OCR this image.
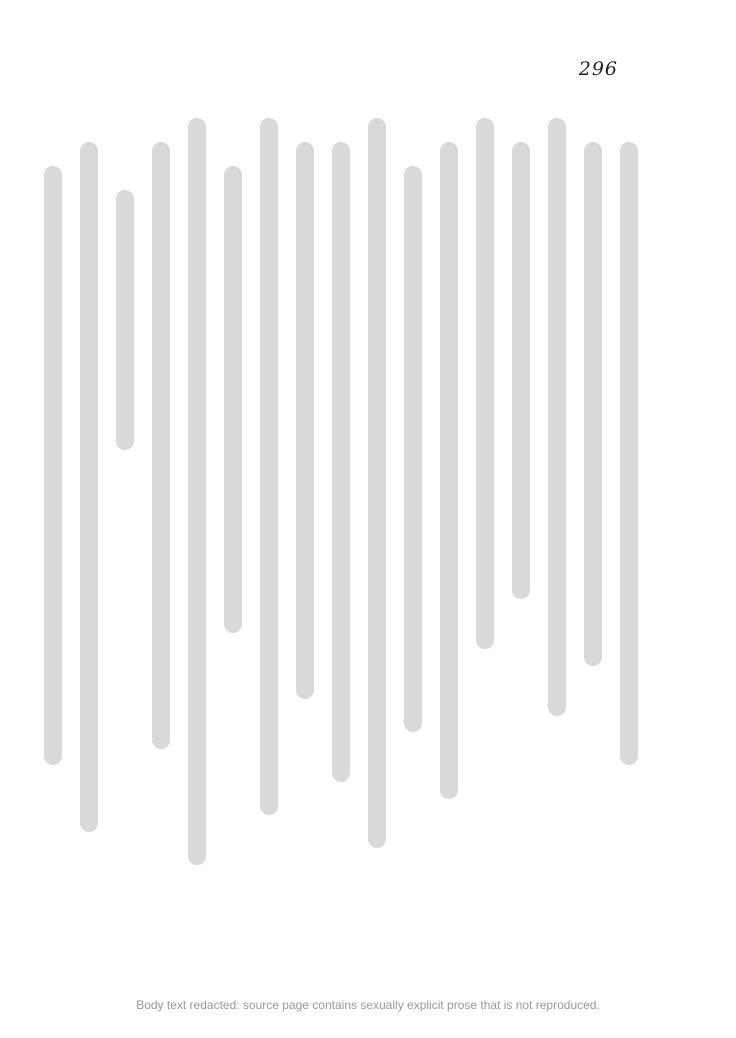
296
Body text redacted: source page contains sexually explicit prose that is not reproduced.
